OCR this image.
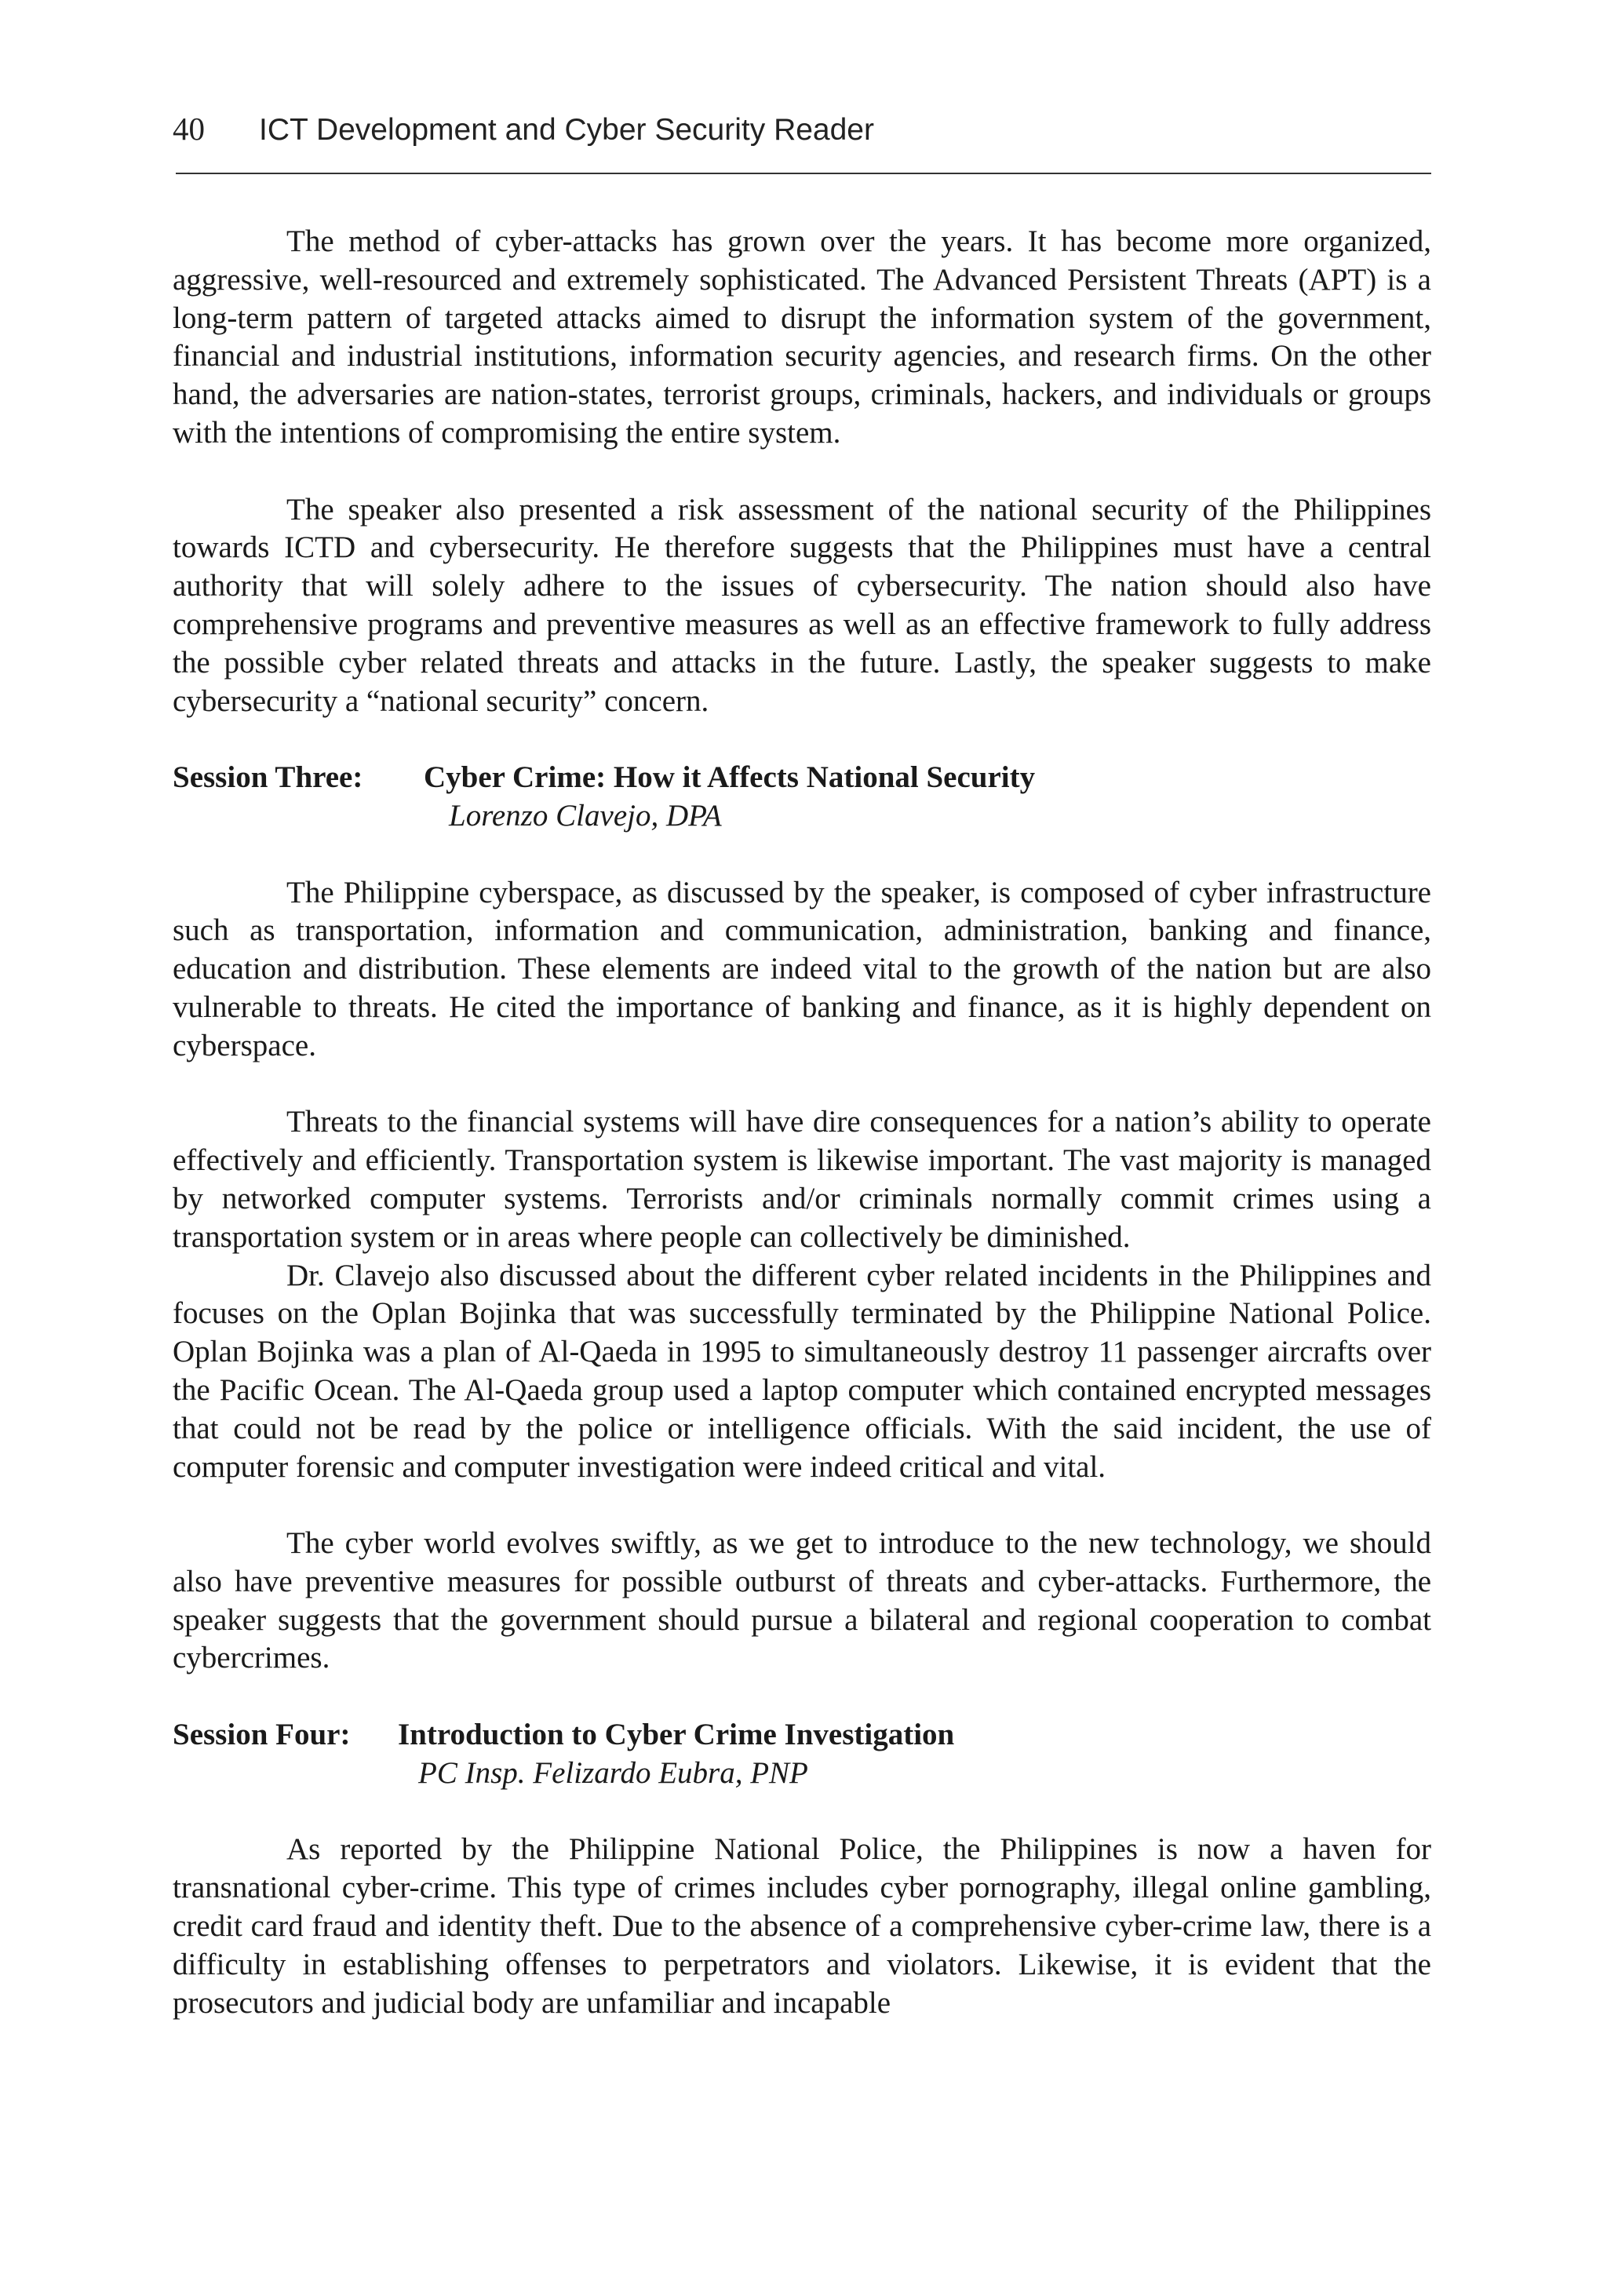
40 ICT Development and Cyber Security Reader

The method of cyber-attacks has grown over the years. It has become more organized, aggressive, well-resourced and extremely sophisticated. The Advanced Persistent Threats (APT) is a long-term pattern of targeted attacks aimed to disrupt the information system of the government, financial and industrial institutions, information security agencies, and research firms. On the other hand, the adversaries are nation-states, terrorist groups, criminals, hackers, and individuals or groups with the intentions of compromising the entire system.

The speaker also presented a risk assessment of the national security of the Philippines towards ICTD and cybersecurity. He therefore suggests that the Philippines must have a central authority that will solely adhere to the issues of cybersecurity. The nation should also have comprehensive programs and preventive measures as well as an effective framework to fully address the possible cyber related threats and attacks in the future. Lastly, the speaker suggests to make cybersecurity a “national security” concern.

Session Three:	Cyber Crime: How it Affects National Security
Lorenzo Clavejo, DPA

The Philippine cyberspace, as discussed by the speaker, is composed of cyber infrastructure such as transportation, information and communication, administration, banking and finance, education and distribution. These elements are indeed vital to the growth of the nation but are also vulnerable to threats. He cited the importance of banking and finance, as it is highly dependent on cyberspace.

Threats to the financial systems will have dire consequences for a nation’s ability to operate effectively and efficiently. Transportation system is likewise important. The vast majority is managed by networked computer systems. Terrorists and/or criminals normally commit crimes using a transportation system or in areas where people can collectively be diminished.

Dr. Clavejo also discussed about the different cyber related incidents in the Philippines and focuses on the Oplan Bojinka that was successfully terminated by the Philippine National Police. Oplan Bojinka was a plan of Al-Qaeda in 1995 to simultaneously destroy 11 passenger aircrafts over the Pacific Ocean. The Al-Qaeda group used a laptop computer which contained encrypted messages that could not be read by the police or intelligence officials. With the said incident, the use of computer forensic and computer investigation were indeed critical and vital.

The cyber world evolves swiftly, as we get to introduce to the new technology, we should also have preventive measures for possible outburst of threats and cyber-attacks. Furthermore, the speaker suggests that the government should pursue a bilateral and regional cooperation to combat cybercrimes.

Session Four:	Introduction to Cyber Crime Investigation
PC Insp. Felizardo Eubra, PNP

As reported by the Philippine National Police, the Philippines is now a haven for transnational cyber-crime. This type of crimes includes cyber pornography, illegal online gambling, credit card fraud and identity theft. Due to the absence of a comprehensive cyber-crime law, there is a difficulty in establishing offenses to perpetrators and violators. Likewise, it is evident that the prosecutors and judicial body are unfamiliar and incapable
